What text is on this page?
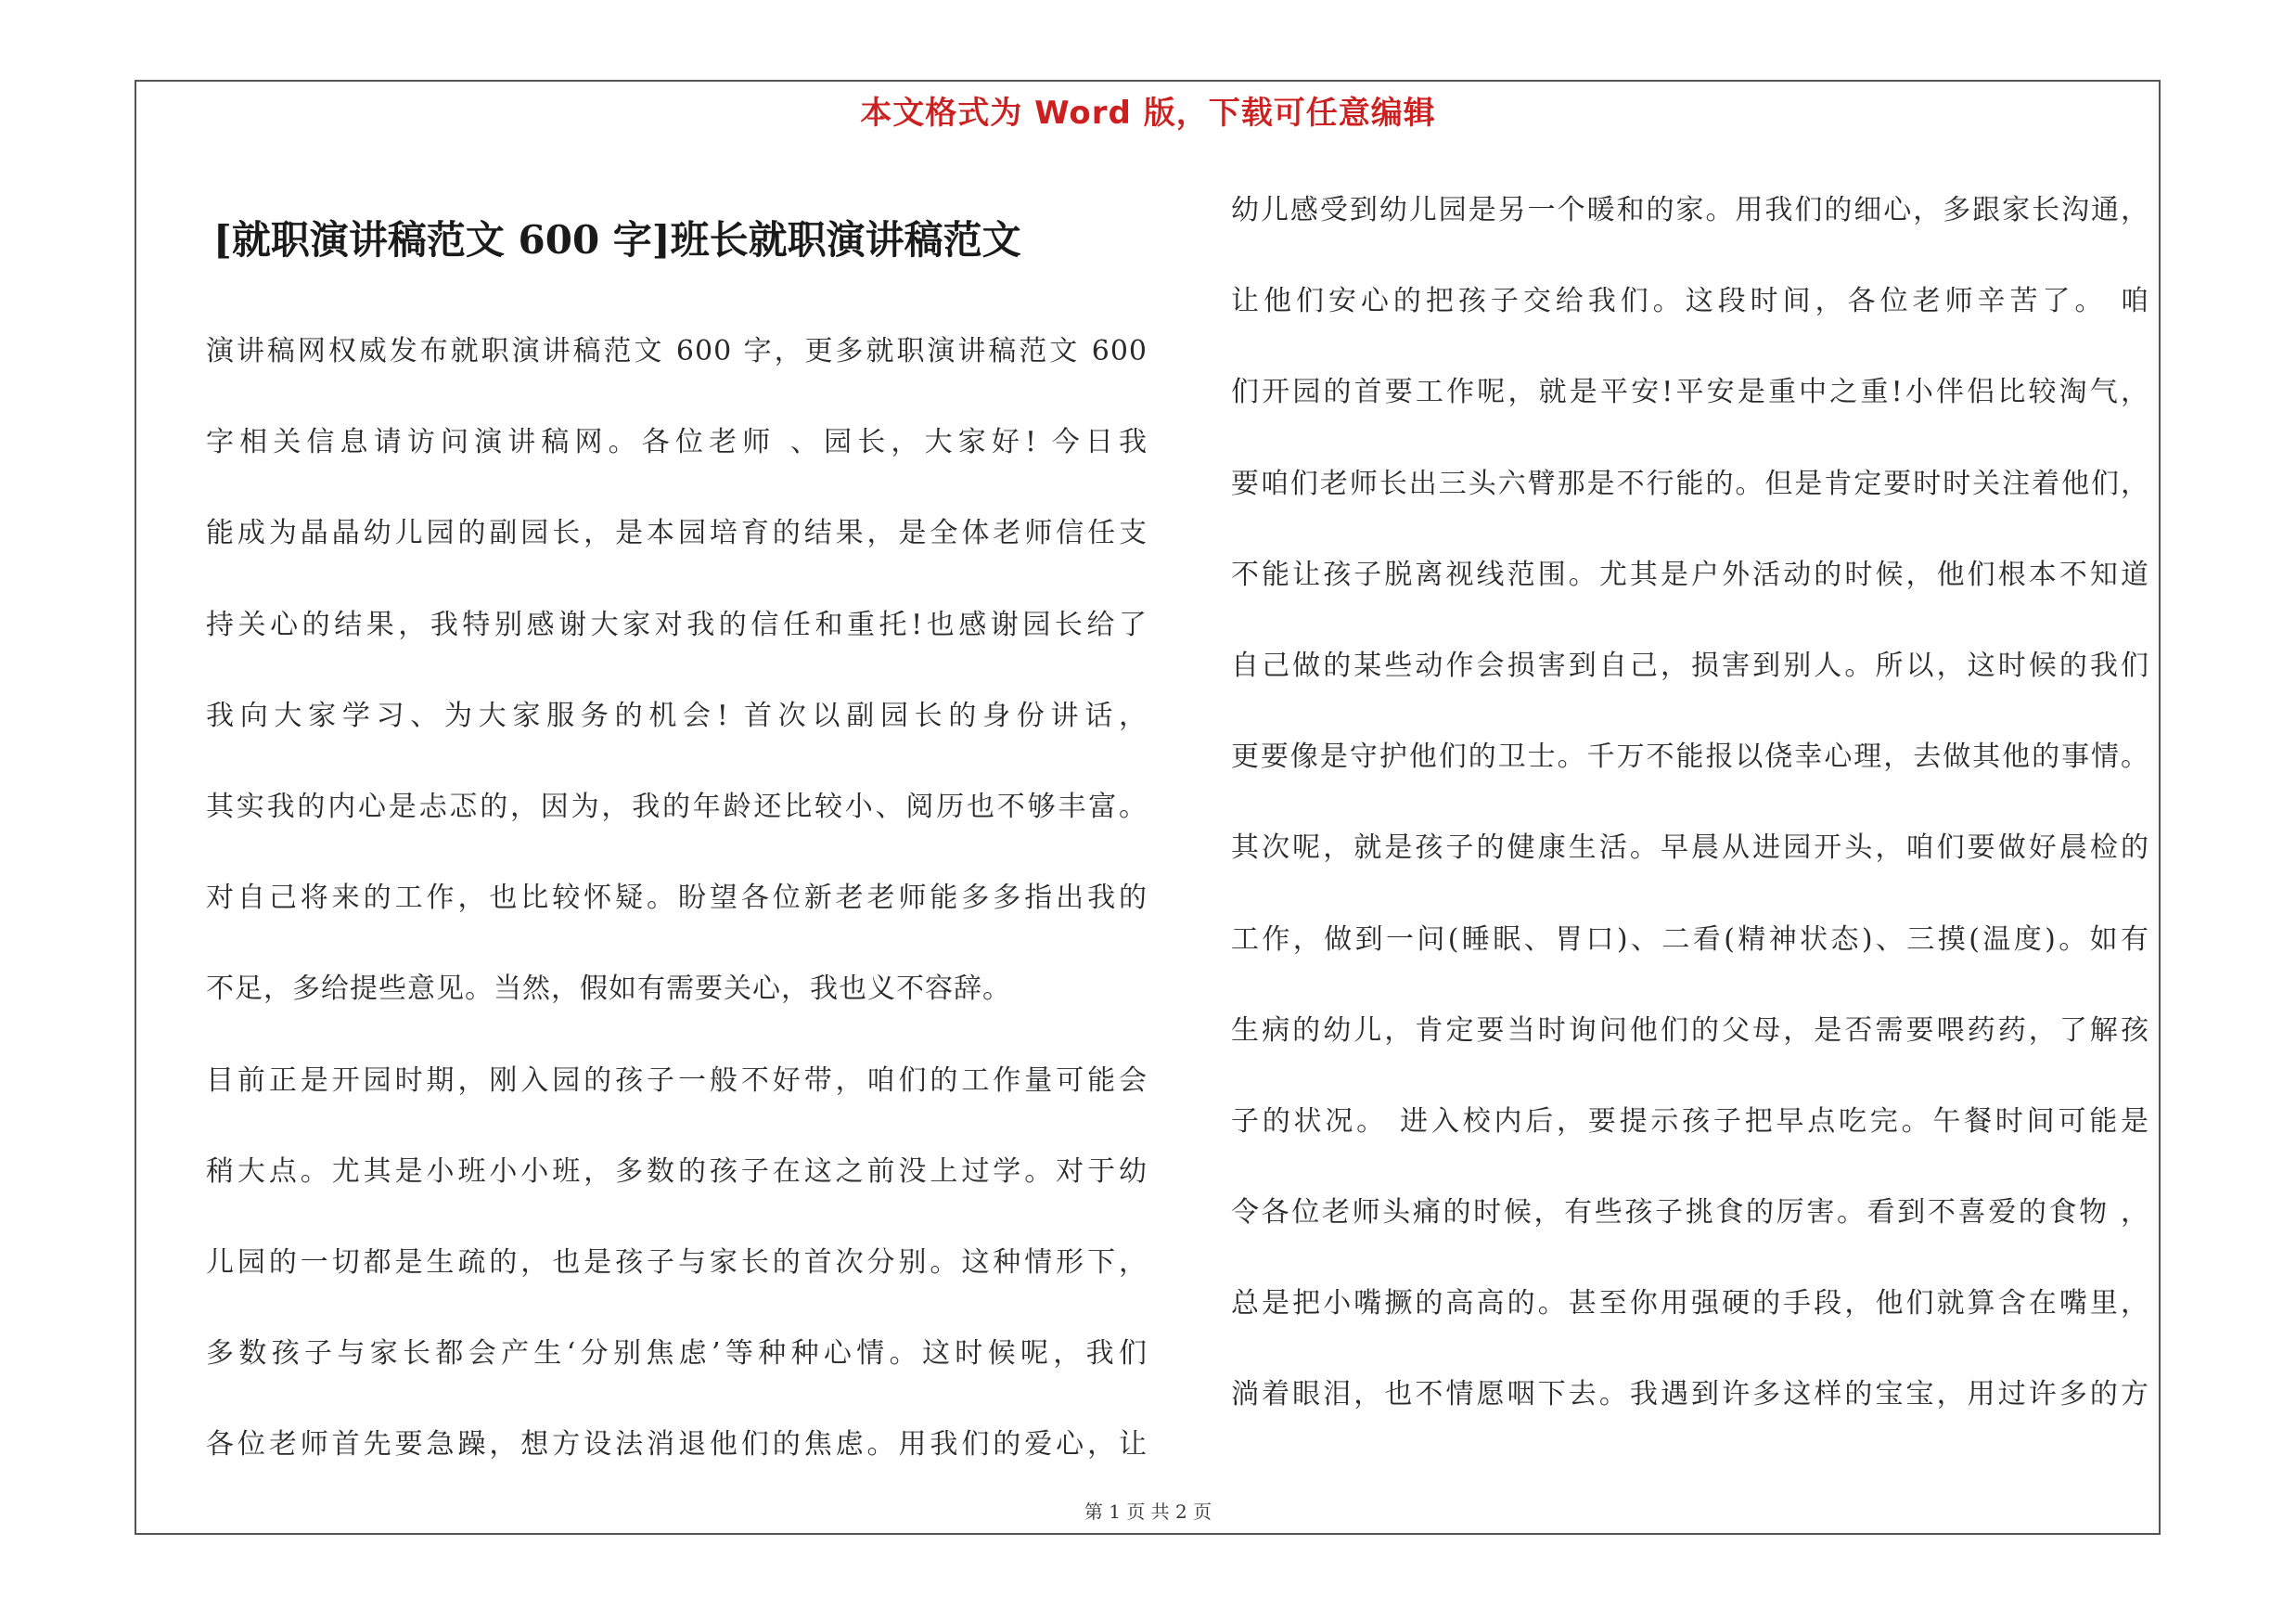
本文格式为 Word 版，下载可任意编辑
[就职演讲稿范文 600 字]班长就职演讲稿范文
演讲稿网权威发布就职演讲稿范文 600 字，更多就职演讲稿范文 600
字相关信息请访问演讲稿网。各位老师 、园长，大家好! 今日我
能成为晶晶幼儿园的副园长，是本园培育的结果，是全体老师信任支
持关心的结果，我特别感谢大家对我的信任和重托!也感谢园长给了
我向大家学习、为大家服务的机会! 首次以副园长的身份讲话，
其实我的内心是忐忑的，因为，我的年龄还比较小、阅历也不够丰富。
对自己将来的工作，也比较怀疑。盼望各位新老老师能多多指出我的
不足，多给提些意见。当然，假如有需要关心，我也义不容辞。
目前正是开园时期，刚入园的孩子一般不好带，咱们的工作量可能会
稍大点。尤其是小班小小班，多数的孩子在这之前没上过学。对于幼
儿园的一切都是生疏的，也是孩子与家长的首次分别。这种情形下，
多数孩子与家长都会产生‘分别焦虑’等种种心情。这时候呢，我们
各位老师首先要急躁，想方设法消退他们的焦虑。用我们的爱心，让
幼儿感受到幼儿园是另一个暖和的家。用我们的细心，多跟家长沟通，
让他们安心的把孩子交给我们。这段时间，各位老师辛苦了。 咱
们开园的首要工作呢，就是平安!平安是重中之重!小伴侣比较淘气，
要咱们老师长出三头六臂那是不行能的。但是肯定要时时关注着他们，
不能让孩子脱离视线范围。尤其是户外活动的时候，他们根本不知道
自己做的某些动作会损害到自己，损害到别人。所以，这时候的我们
更要像是守护他们的卫士。千万不能报以侥幸心理，去做其他的事情。
其次呢，就是孩子的健康生活。早晨从进园开头，咱们要做好晨检的
工作，做到一问(睡眠、胃口)、二看(精神状态)、三摸(温度)。如有
生病的幼儿，肯定要当时询问他们的父母，是否需要喂药药，了解孩
子的状况。 进入校内后，要提示孩子把早点吃完。午餐时间可能是
令各位老师头痛的时候，有些孩子挑食的厉害。看到不喜爱的食物 ，
总是把小嘴撅的高高的。甚至你用强硬的手段，他们就算含在嘴里，
淌着眼泪，也不情愿咽下去。我遇到许多这样的宝宝，用过许多的方
第 1 页 共 2 页
